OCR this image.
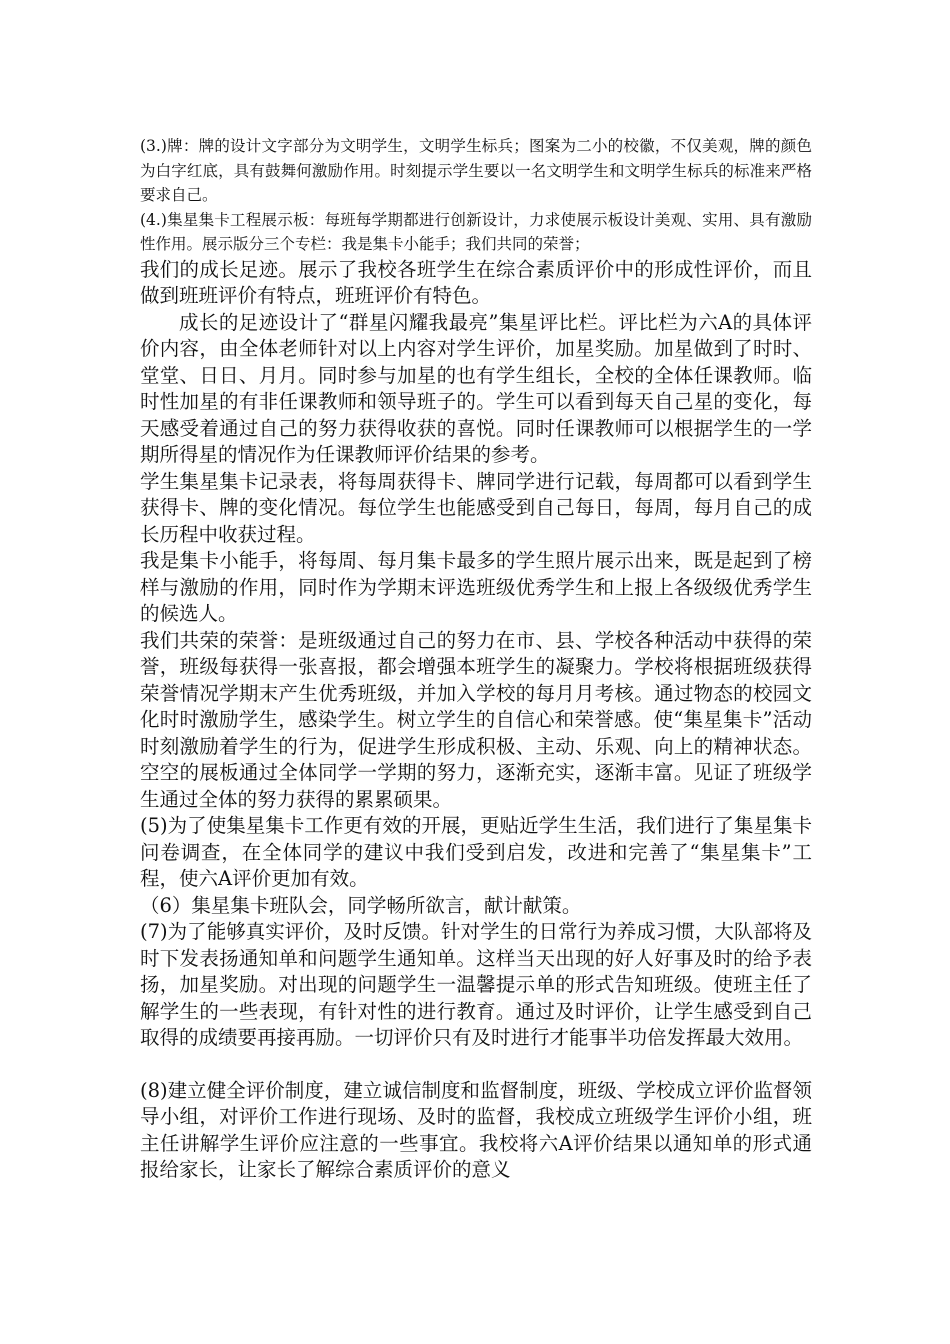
(3.)牌：牌的设计文字部分为文明学生，文明学生标兵；图案为二小的校徽，不仅美观，牌的颜色为白字红底，具有鼓舞何激励作用。时刻提示学生要以一名文明学生和文明学生标兵的标准来严格要求自己。

(4.)集星集卡工程展示板：每班每学期都进行创新设计，力求使展示板设计美观、实用、具有激励性作用。展示版分三个专栏：我是集卡小能手；我们共同的荣誉；

我们的成长足迹。展示了我校各班学生在综合素质评价中的形成性评价，而且做到班班评价有特点，班班评价有特色。

成长的足迹设计了“群星闪耀我最亮”集星评比栏。评比栏为六A的具体评价内容，由全体老师针对以上内容对学生评价，加星奖励。加星做到了时时、堂堂、日日、月月。同时参与加星的也有学生组长，全校的全体任课教师。临时性加星的有非任课教师和领导班子的。学生可以看到每天自己星的变化，每天感受着通过自己的努力获得收获的喜悦。同时任课教师可以根据学生的一学期所得星的情况作为任课教师评价结果的参考。

学生集星集卡记录表，将每周获得卡、牌同学进行记载，每周都可以看到学生获得卡、牌的变化情况。每位学生也能感受到自己每日，每周，每月自己的成长历程中收获过程。

我是集卡小能手，将每周、每月集卡最多的学生照片展示出来，既是起到了榜样与激励的作用，同时作为学期末评选班级优秀学生和上报上各级级优秀学生的候选人。

我们共荣的荣誉：是班级通过自己的努力在市、县、学校各种活动中获得的荣誉，班级每获得一张喜报，都会增强本班学生的凝聚力。学校将根据班级获得荣誉情况学期末产生优秀班级，并加入学校的每月月考核。通过物态的校园文化时时激励学生，感染学生。树立学生的自信心和荣誉感。使“集星集卡”活动时刻激励着学生的行为，促进学生形成积极、主动、乐观、向上的精神状态。空空的展板通过全体同学一学期的努力，逐渐充实，逐渐丰富。见证了班级学生通过全体的努力获得的累累硕果。

(5)为了使集星集卡工作更有效的开展，更贴近学生生活，我们进行了集星集卡问卷调查，在全体同学的建议中我们受到启发，改进和完善了“集星集卡”工程，使六A评价更加有效。

（6）集星集卡班队会，同学畅所欲言，献计献策。

(7)为了能够真实评价，及时反馈。针对学生的日常行为养成习惯，大队部将及时下发表扬通知单和问题学生通知单。这样当天出现的好人好事及时的给予表扬，加星奖励。对出现的问题学生一温馨提示单的形式告知班级。使班主任了解学生的一些表现，有针对性的进行教育。通过及时评价，让学生感受到自己取得的成绩要再接再励。一切评价只有及时进行才能事半功倍发挥最大效用。

(8)建立健全评价制度，建立诚信制度和监督制度，班级、学校成立评价监督领导小组，对评价工作进行现场、及时的监督，我校成立班级学生评价小组，班主任讲解学生评价应注意的一些事宜。我校将六A评价结果以通知单的形式通报给家长，让家长了解综合素质评价的意义
